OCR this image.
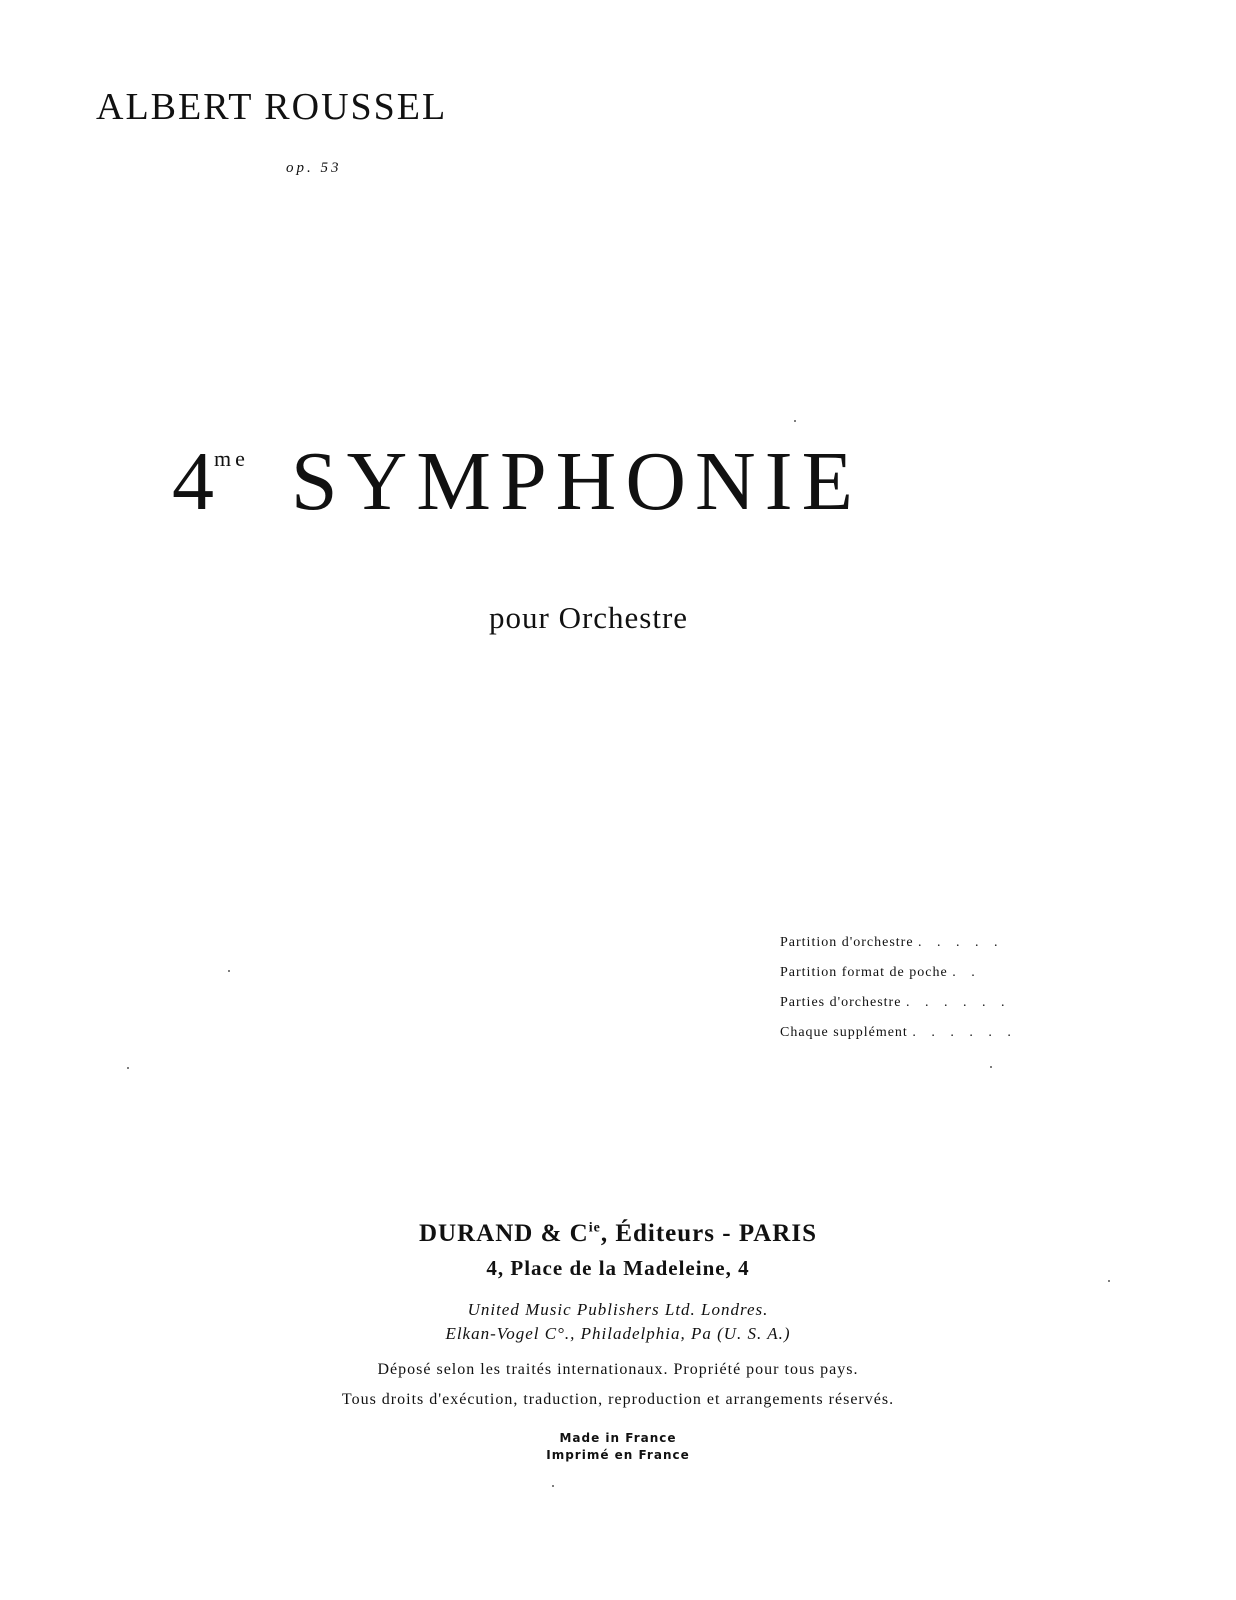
ALBERT ROUSSEL
op. 53
4me SYMPHONIE
pour Orchestre
Partition d'orchestre . . . . .
Partition format de poche . .
Parties d'orchestre . . . . . .
Chaque supplément . . . . . .
DURAND & $C^{ie}$, Éditeurs - PARIS
4, Place de la Madeleine, 4
United Music Publishers Ltd. Londres.
Elkan-Vogel C°., Philadelphia, Pa (U. S. A.)
Déposé selon les traités internationaux. Propriété pour tous pays.
Tous droits d'exécution, traduction, reproduction et arrangements réservés.
Made in France
Imprimé en France
